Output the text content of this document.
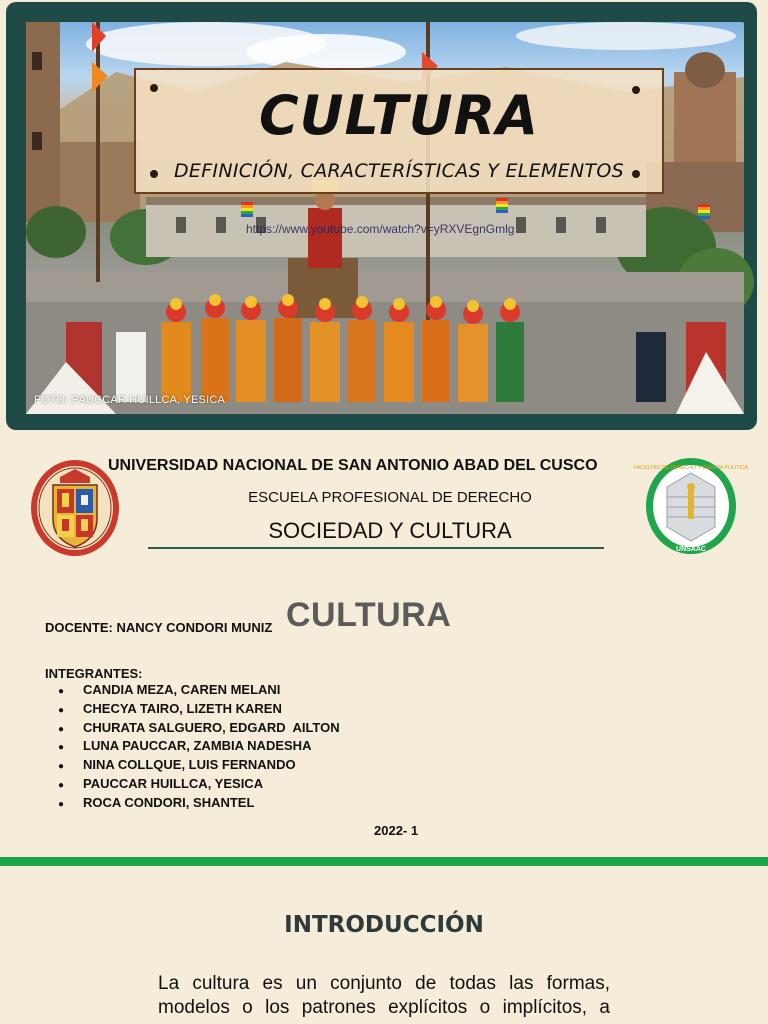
https://www.youtube.com/watch?v=yRXVEgnGmlg
FOTO: PAUCCAR HUILLCA, YESICA
CULTURA
DEFINICIÓN, CARACTERÍSTICAS Y ELEMENTOS
FACULTAD DE DERECHO Y CIENCIA POLITICA
UNSAAC
UNIVERSIDAD NACIONAL DE SAN ANTONIO ABAD DEL CUSCO
ESCUELA PROFESIONAL DE DERECHO
SOCIEDAD Y CULTURA
CULTURA
DOCENTE: NANCY CONDORI MUNIZ
INTEGRANTES:
● CANDIA MEZA, CAREN MELANI
● CHECYA TAIRO, LIZETH KAREN
● CHURATA SALGUERO, EDGARD  AILTON
● LUNA PAUCCAR, ZAMBIA NADESHA
● NINA COLLQUE, LUIS FERNANDO
● PAUCCAR HUILLCA, YESICA
● ROCA CONDORI, SHANTEL
2022- 1
INTRODUCCIÓN

La cultura es un conjunto de todas las formas, modelos o los patrones explícitos o implícitos, a
